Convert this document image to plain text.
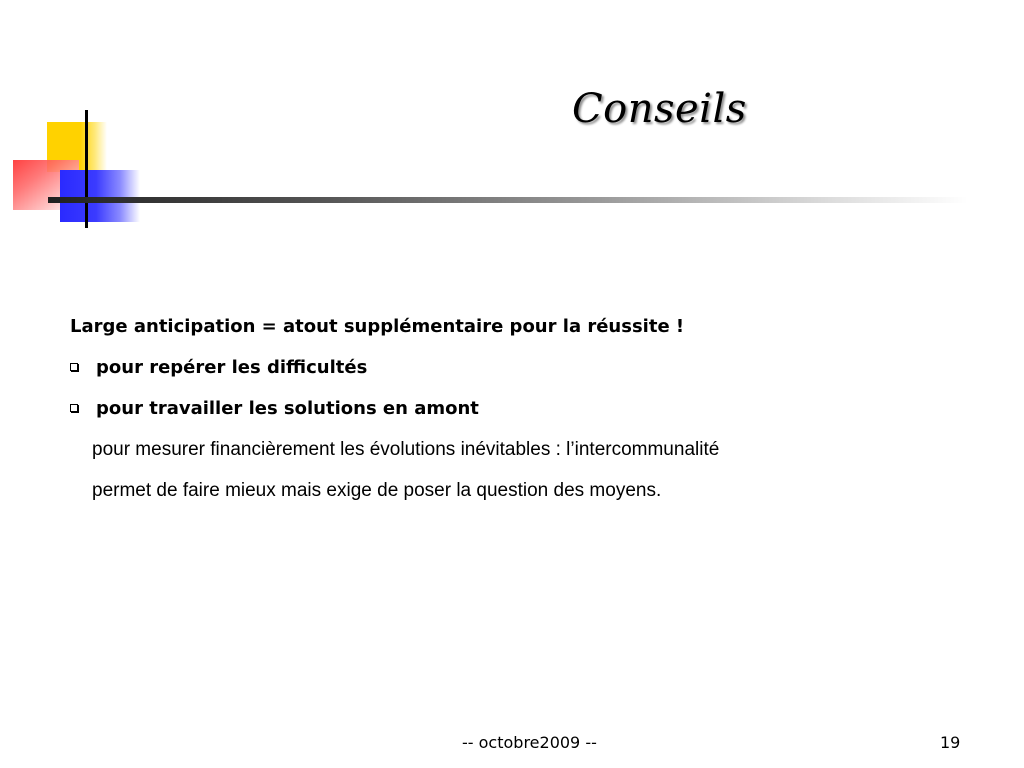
Conseils
Large anticipation = atout supplémentaire pour la réussite !
pour repérer les difficultés
pour travailler les solutions en amont
pour mesurer financièrement les évolutions inévitables : l’intercommunalité
permet de faire mieux mais exige de poser la question des moyens.
-- octobre2009 --	19
